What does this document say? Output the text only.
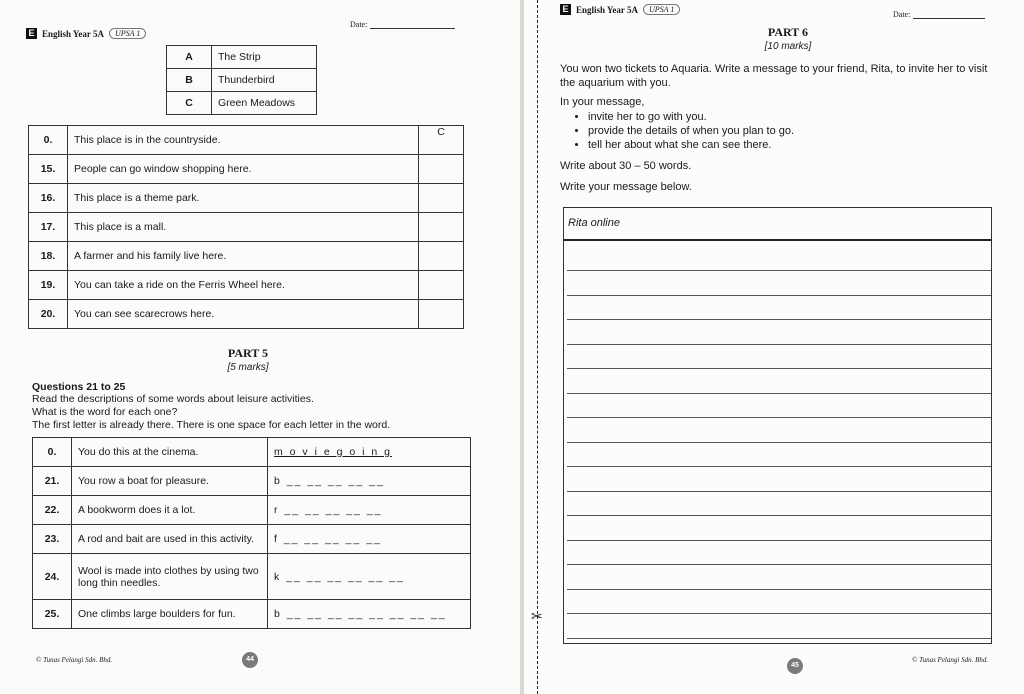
E English Year 5A	UPSA 1
Date:
A	The Strip
B	Thunderbird
C	Green Meadows
0.	This place is in the countryside.	C
15.	People can go window shopping here.	
16.	This place is a theme park.	
17.	This place is a mall.	
18.	A farmer and his family live here.	
19.	You can take a ride on the Ferris Wheel here.	
20.	You can see scarecrows here.	
PART 5
[5 marks]
Questions 21 to 25
Read the descriptions of some words about leisure activities.
What is the word for each one?
The first letter is already there. There is one space for each letter in the word.
0.	You do this at the cinema.	m o v i e g o i n g
21.	You row a boat for pleasure.	b __ __ __ __ __
22.	A bookworm does it a lot.	r __ __ __ __ __
23.	A rod and bait are used in this activity.	f __ __ __ __ __
24.	Wool is made into clothes by using two long thin needles.	k __ __ __ __ __ __
25.	One climbs large boulders for fun.	b __ __ __ __ __ __ __ __
© Tunas Pelangi Sdn. Bhd.	44
✂
E English Year 5A	UPSA 1
Date:
PART 6
[10 marks]
You won two tickets to Aquaria. Write a message to your friend, Rita, to invite her to visit the aquarium with you.
In your message,
• invite her to go with you.
• provide the details of when you plan to go.
• tell her about what she can see there.
Write about 30 – 50 words.
Write your message below.
Rita online
45
© Tunas Pelangi Sdn. Bhd.
